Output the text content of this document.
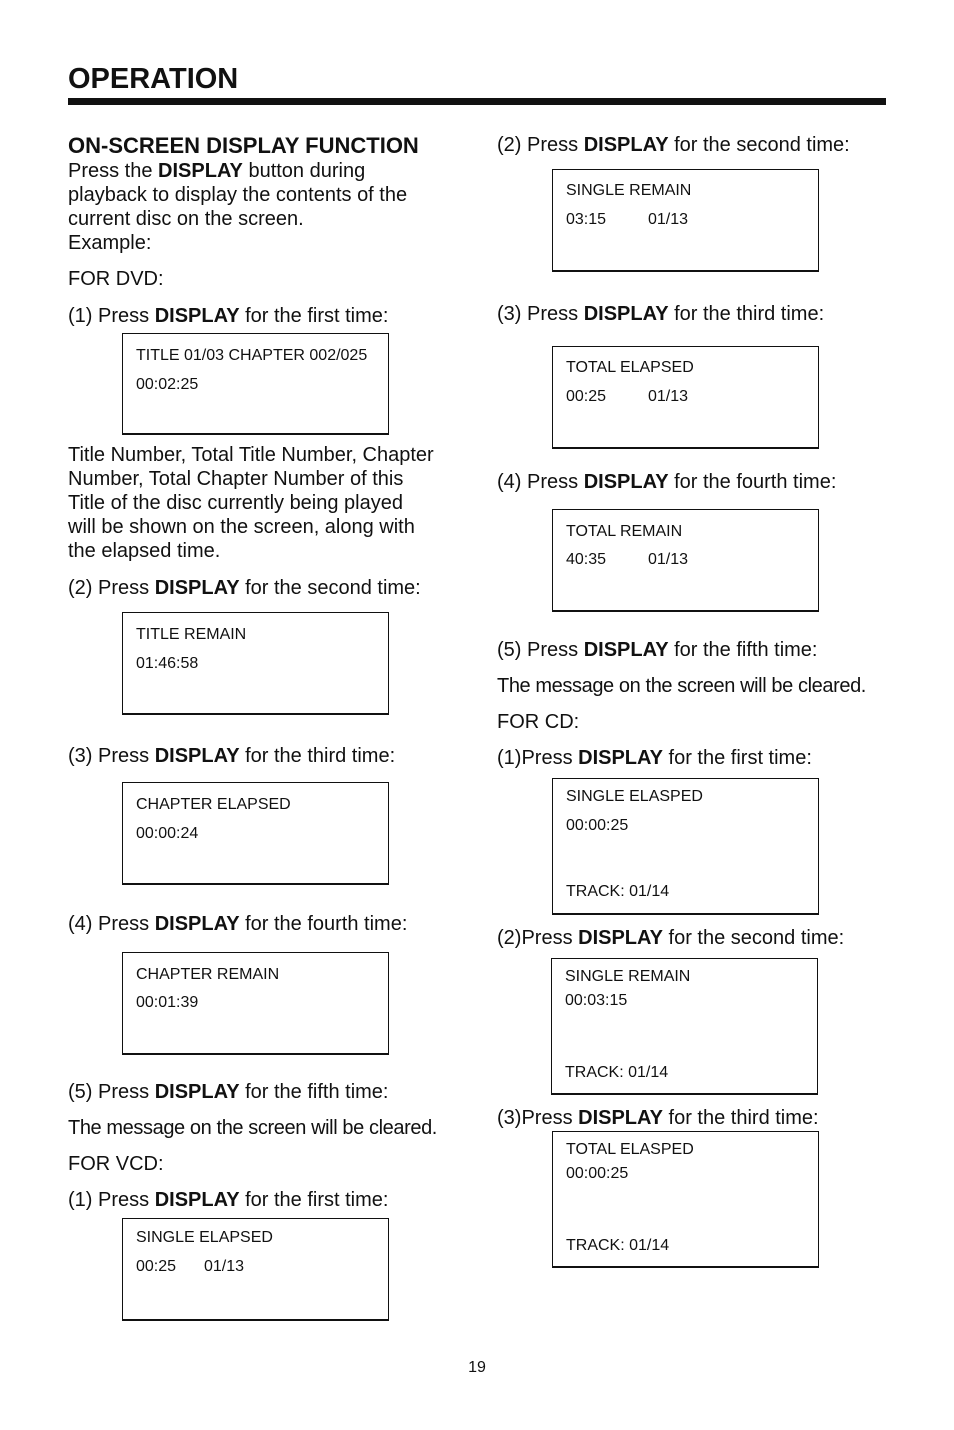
OPERATION
ON-SCREEN DISPLAY FUNCTION
Press the DISPLAY button during
playback to display the contents of the
current disc on the screen.
Example:
FOR DVD:
(1) Press DISPLAY for the first time:
TITLE 01/03 CHAPTER 002/025
00:02:25
Title Number, Total Title Number, Chapter
Number, Total Chapter Number of this
Title of the disc currently being played
will be shown on the screen, along with
the elapsed time.
(2) Press DISPLAY for the second time:
TITLE REMAIN
01:46:58
(3) Press DISPLAY for the third time:
CHAPTER ELAPSED
00:00:24
(4) Press DISPLAY for the fourth time:
CHAPTER REMAIN
00:01:39
(5) Press DISPLAY for the fifth time:
The message on the screen will be cleared.
FOR VCD:
(1) Press DISPLAY for the first time:
SINGLE ELAPSED
00:25 01/13
(2) Press DISPLAY for the second time:
SINGLE REMAIN
03:15	01/13
(3) Press DISPLAY for the third time:
TOTAL ELAPSED
00:25	01/13
(4) Press DISPLAY for the fourth time:
TOTAL REMAIN
40:35	01/13
(5) Press DISPLAY for the fifth time:
The message on the screen will be cleared.
FOR CD:
(1)Press DISPLAY for the first time:
SINGLE ELASPED
00:00:25
TRACK: 01/14
(2)Press DISPLAY for the second time:
SINGLE REMAIN
00:03:15
TRACK: 01/14
(3)Press DISPLAY for the third time:
TOTAL ELASPED
00:00:25
TRACK: 01/14
19
